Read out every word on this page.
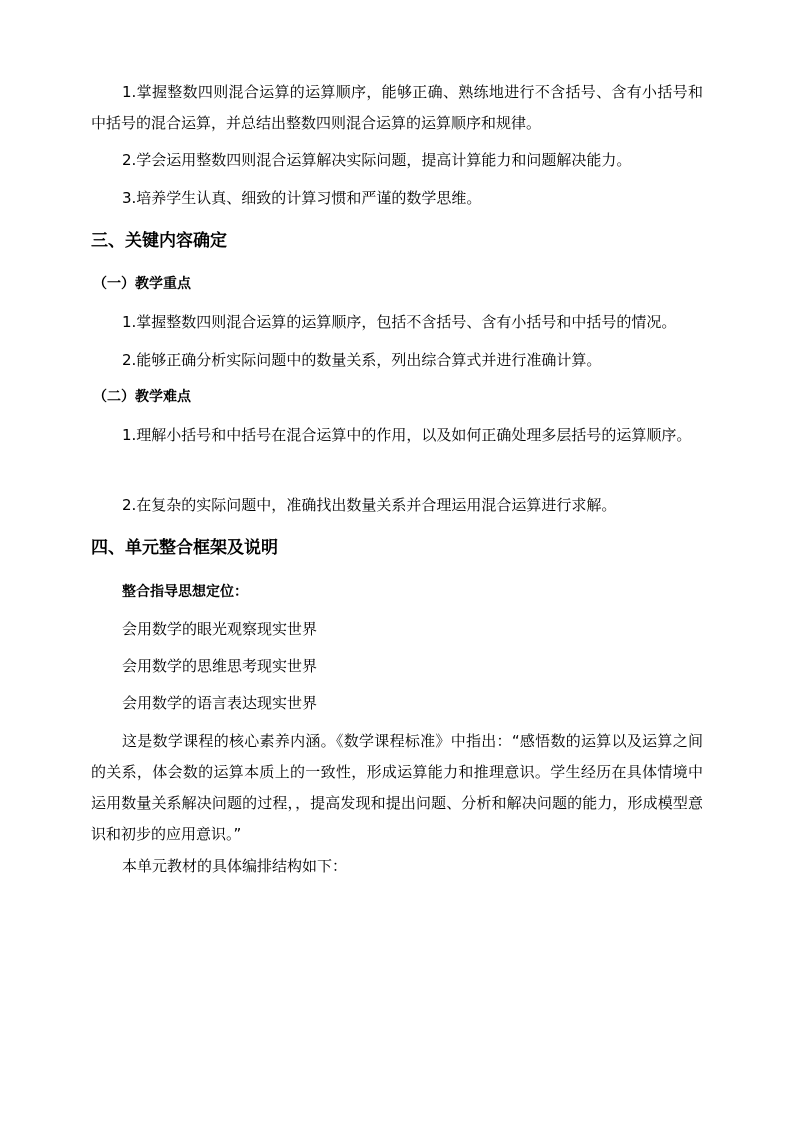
1.掌握整数四则混合运算的运算顺序，能够正确、熟练地进行不含括号、含有小括号和中括号的混合运算，并总结出整数四则混合运算的运算顺序和规律。

2.学会运用整数四则混合运算解决实际问题，提高计算能力和问题解决能力。

3.培养学生认真、细致的计算习惯和严谨的数学思维。

三、关键内容确定
（一）教学重点

1.掌握整数四则混合运算的运算顺序，包括不含括号、含有小括号和中括号的情况。

2.能够正确分析实际问题中的数量关系，列出综合算式并进行准确计算。

（二）教学难点

1.理解小括号和中括号在混合运算中的作用，以及如何正确处理多层括号的运算顺序。

2.在复杂的实际问题中，准确找出数量关系并合理运用混合运算进行求解。

四、单元整合框架及说明

整合指导思想定位：

会用数学的眼光观察现实世界

会用数学的思维思考现实世界

会用数学的语言表达现实世界

这是数学课程的核心素养内涵。《数学课程标准》中指出：“感悟数的运算以及运算之间的关系，体会数的运算本质上的一致性，形成运算能力和推理意识。学生经历在具体情境中运用数量关系解决问题的过程，，提高发现和提出问题、分析和解决问题的能力，形成模型意识和初步的应用意识。”

本单元教材的具体编排结构如下：
